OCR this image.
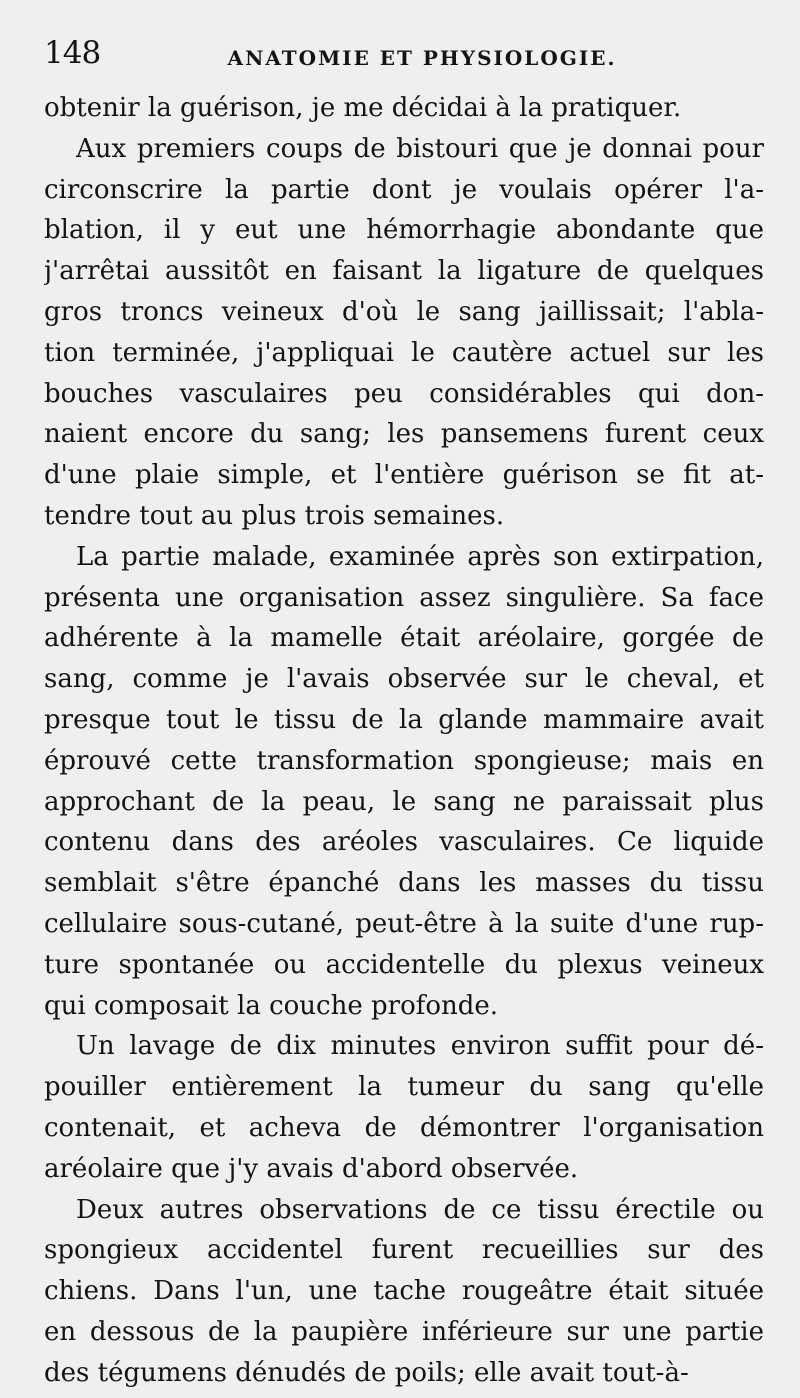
148	ANATOMIE ET PHYSIOLOGIE.
obtenir la guérison, je me décidai à la pratiquer.
Aux premiers coups de bistouri que je donnai pour
circonscrire la partie dont je voulais opérer l'a-
blation, il y eut une hémorrhagie abondante que
j'arrêtai aussitôt en faisant la ligature de quelques
gros troncs veineux d'où le sang jaillissait; l'abla-
tion terminée, j'appliquai le cautère actuel sur les
bouches vasculaires peu considérables qui don-
naient encore du sang; les pansemens furent ceux
d'une plaie simple, et l'entière guérison se fit at-
tendre tout au plus trois semaines.
La partie malade, examinée après son extirpation,
présenta une organisation assez singulière. Sa face
adhérente à la mamelle était aréolaire, gorgée de
sang, comme je l'avais observée sur le cheval, et
presque tout le tissu de la glande mammaire avait
éprouvé cette transformation spongieuse; mais en
approchant de la peau, le sang ne paraissait plus
contenu dans des aréoles vasculaires. Ce liquide
semblait s'être épanché dans les masses du tissu
cellulaire sous-cutané, peut-être à la suite d'une rup-
ture spontanée ou accidentelle du plexus veineux
qui composait la couche profonde.
Un lavage de dix minutes environ suffit pour dé-
pouiller entièrement la tumeur du sang qu'elle
contenait, et acheva de démontrer l'organisation
aréolaire que j'y avais d'abord observée.
Deux autres observations de ce tissu érectile ou
spongieux accidentel furent recueillies sur des
chiens. Dans l'un, une tache rougeâtre était située
en dessous de la paupière inférieure sur une partie
des tégumens dénudés de poils; elle avait tout-à-
